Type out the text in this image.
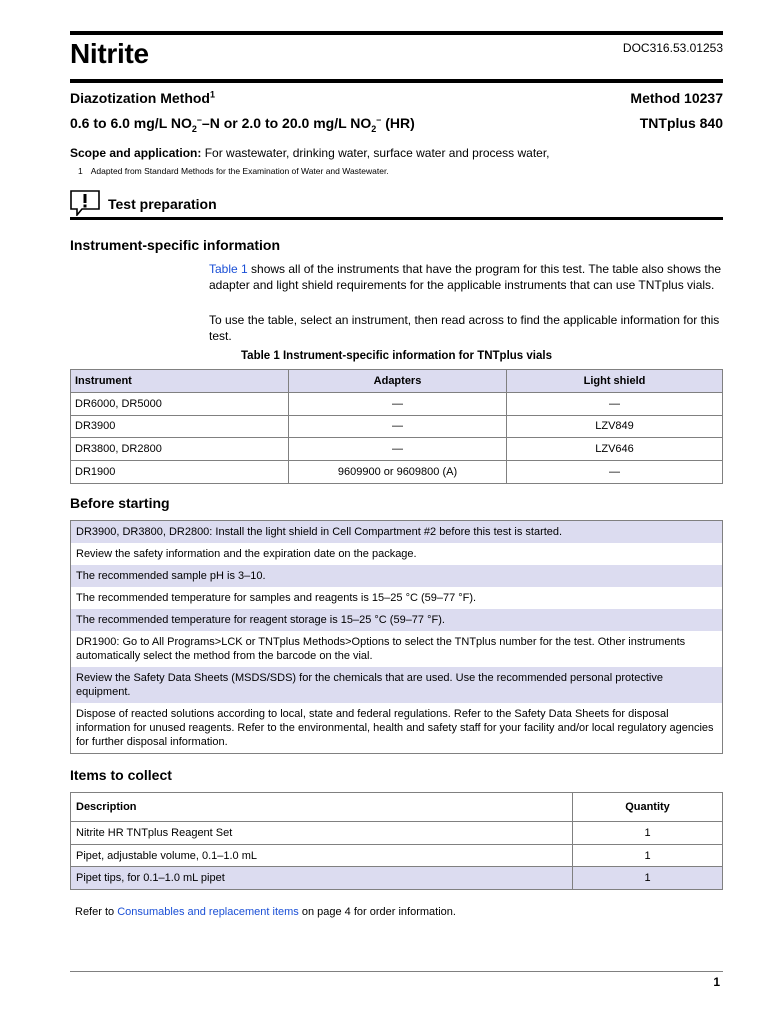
Nitrite	DOC316.53.01253
Diazotization Method$^1$	Method 10237
0.6 to 6.0 mg/L $NO_2^--N$ or 2.0 to 20.0 mg/L $NO_2^-$ (HR)	TNTplus 840
Scope and application: For wastewater, drinking water, surface water and process water,
1 Adapted from Standard Methods for the Examination of Water and Wastewater.
Test preparation
Instrument-specific information
Table 1 shows all of the instruments that have the program for this test. The table also shows the adapter and light shield requirements for the applicable instruments that can use TNTplus vials.
To use the table, select an instrument, then read across to find the applicable information for this test.
Table 1 Instrument-specific information for TNTplus vials
Instrument	Adapters	Light shield
DR6000, DR5000	—	—
DR3900	—	LZV849
DR3800, DR2800	—	LZV646
DR1900	9609900 or 9609800 (A)	—
Before starting
DR3900, DR3800, DR2800: Install the light shield in Cell Compartment #2 before this test is started.
Review the safety information and the expiration date on the package.
The recommended sample pH is 3–10.
The recommended temperature for samples and reagents is 15–25 °C (59–77 °F).
The recommended temperature for reagent storage is 15–25 °C (59–77 °F).
DR1900: Go to All Programs>LCK or TNTplus Methods>Options to select the TNTplus number for the test. Other instruments automatically select the method from the barcode on the vial.
Review the Safety Data Sheets (MSDS/SDS) for the chemicals that are used. Use the recommended personal protective equipment.
Dispose of reacted solutions according to local, state and federal regulations. Refer to the Safety Data Sheets for disposal information for unused reagents. Refer to the environmental, health and safety staff for your facility and/or local regulatory agencies for further disposal information.
Items to collect
Description	Quantity
Nitrite HR TNTplus Reagent Set	1
Pipet, adjustable volume, 0.1–1.0 mL	1
Pipet tips, for 0.1–1.0 mL pipet	1
Refer to Consumables and replacement items on page 4 for order information.
1
